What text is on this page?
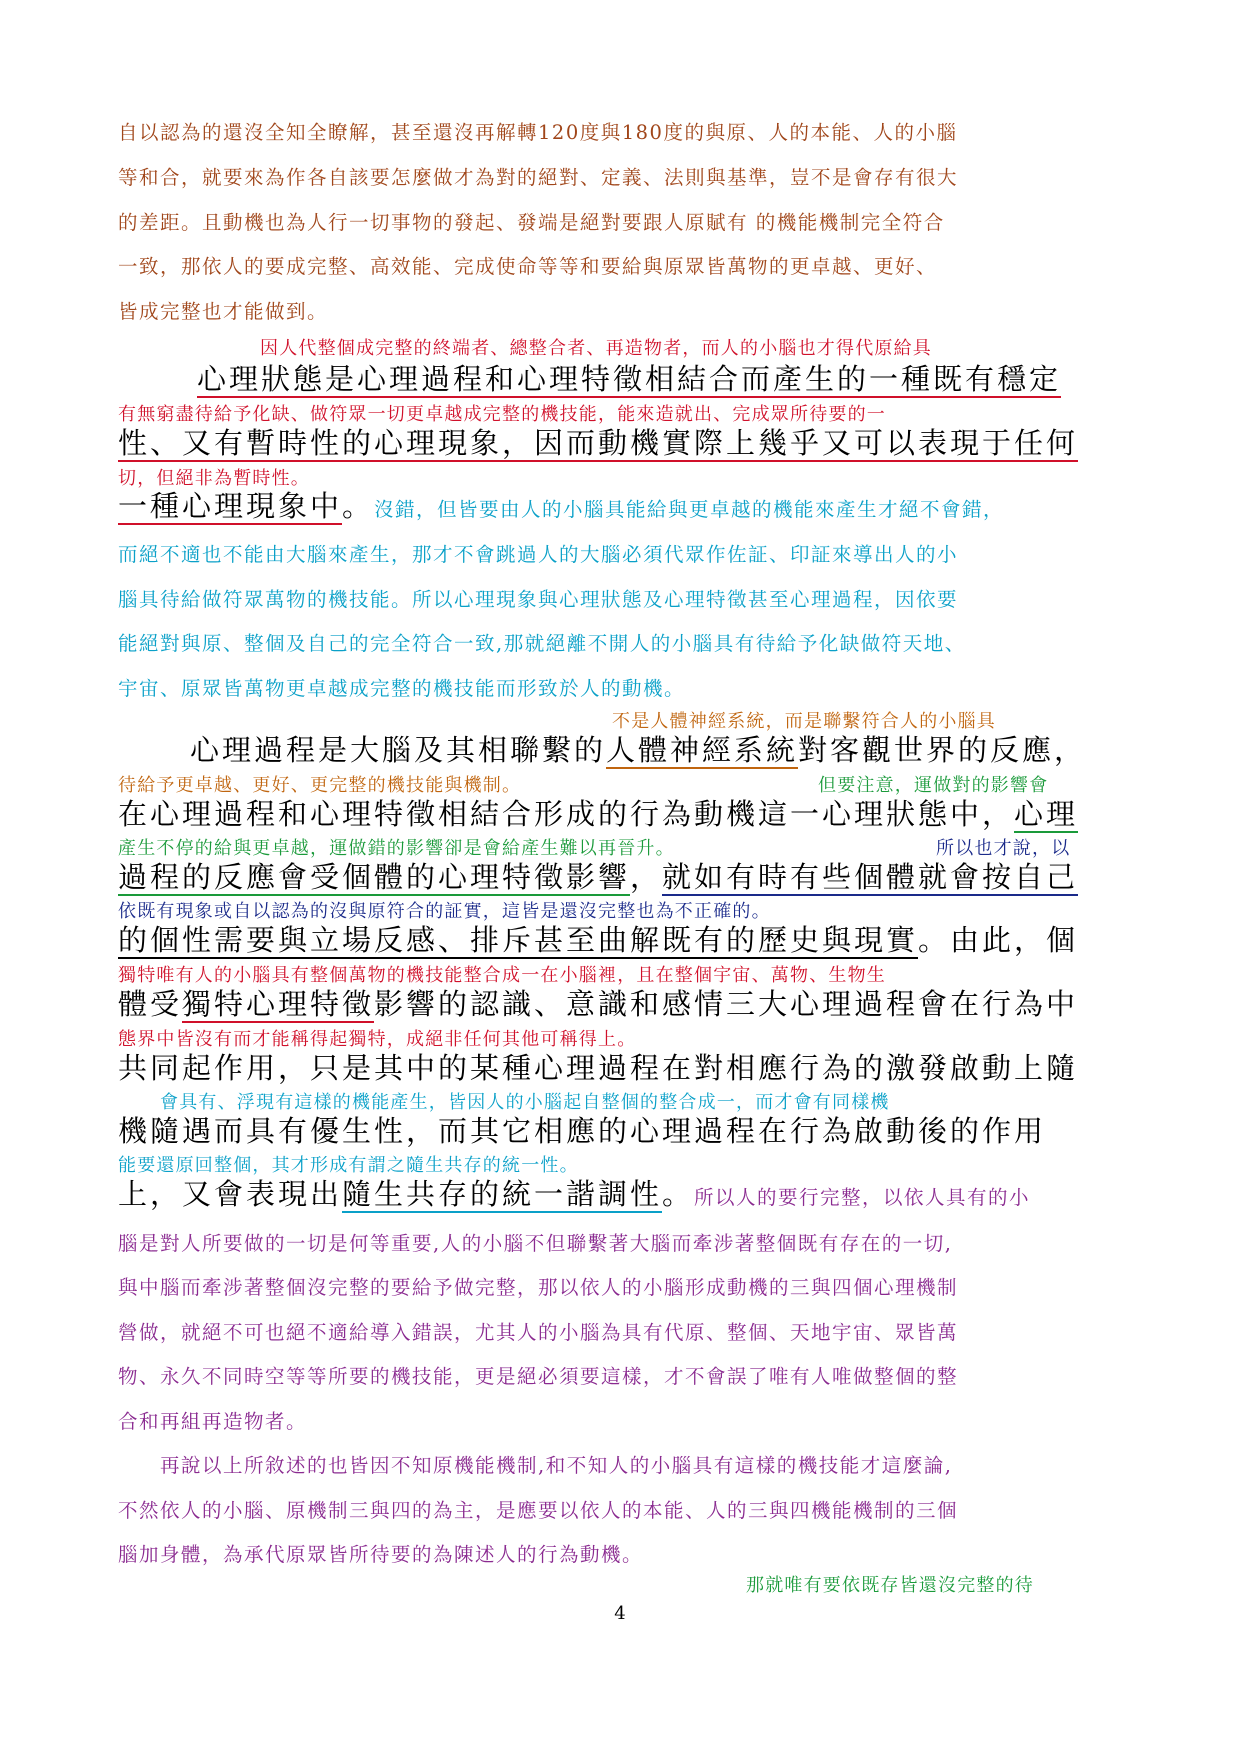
自以認為的還沒全知全瞭解，甚至還沒再解轉120度與180度的與原、人的本能、人的小腦
等和合，就要來為作各自該要怎麼做才為對的絕對、定義、法則與基準，豈不是會存有很大
的差距。且動機也為人行一切事物的發起、發端是絕對要跟人原賦有 的機能機制完全符合
一致，那依人的要成完整、高效能、完成使命等等和要給與原眾皆萬物的更卓越、更好、
皆成完整也才能做到。
因人代整個成完整的終端者、總整合者、再造物者，而人的小腦也才得代原給具
心理狀態是心理過程和心理特徵相結合而產生的一種既有穩定
有無窮盡待給予化缺、做符眾一切更卓越成完整的機技能，能來造就出、完成眾所待要的一
性、又有暫時性的心理現象，因而動機實際上幾乎又可以表現于任何
切，但絕非為暫時性。
一種心理現象中。沒錯，但皆要由人的小腦具能給與更卓越的機能來產生才絕不會錯，
而絕不適也不能由大腦來產生，那才不會跳過人的大腦必須代眾作佐証、印証來導出人的小
腦具待給做符眾萬物的機技能。所以心理現象與心理狀態及心理特徵甚至心理過程，因依要
能絕對與原、整個及自己的完全符合一致,那就絕離不開人的小腦具有待給予化缺做符天地、
宇宙、原眾皆萬物更卓越成完整的機技能而形致於人的動機。
不是人體神經系統，而是聯繫符合人的小腦具
心理過程是大腦及其相聯繫的人體神經系統對客觀世界的反應，
待給予更卓越、更好、更完整的機技能與機制。	但要注意，運做對的影響會
在心理過程和心理特徵相結合形成的行為動機這一心理狀態中，心理
產生不停的給與更卓越，運做錯的影響卻是會給產生難以再晉升。	所以也才說，以
過程的反應會受個體的心理特徵影響，就如有時有些個體就會按自己
依既有現象或自以認為的沒與原符合的証實，這皆是還沒完整也為不正確的。
的個性需要與立場反感、排斥甚至曲解既有的歷史與現實。由此，個
獨特唯有人的小腦具有整個萬物的機技能整合成一在小腦裡，且在整個宇宙、萬物、生物生
體受獨特心理特徵影響的認識、意識和感情三大心理過程會在行為中
態界中皆沒有而才能稱得起獨特，成絕非任何其他可稱得上。
共同起作用，只是其中的某種心理過程在對相應行為的激發啟動上隨
會具有、浮現有這樣的機能產生，皆因人的小腦起自整個的整合成一，而才會有同樣機
機隨遇而具有優生性，而其它相應的心理過程在行為啟動後的作用
能要還原回整個，其才形成有謂之隨生共存的統一性。
上，又會表現出隨生共存的統一諧調性。所以人的要行完整，以依人具有的小
腦是對人所要做的一切是何等重要,人的小腦不但聯繫著大腦而牽涉著整個既有存在的一切,
與中腦而牽涉著整個沒完整的要給予做完整，那以依人的小腦形成動機的三與四個心理機制
營做，就絕不可也絕不適給導入錯誤，尤其人的小腦為具有代原、整個、天地宇宙、眾皆萬
物、永久不同時空等等所要的機技能，更是絕必須要這樣，才不會誤了唯有人唯做整個的整
合和再組再造物者。
再說以上所敘述的也皆因不知原機能機制,和不知人的小腦具有這樣的機技能才這麼論,
不然依人的小腦、原機制三與四的為主，是應要以依人的本能、人的三與四機能機制的三個
腦加身體，為承代原眾皆所待要的為陳述人的行為動機。
那就唯有要依既存皆還沒完整的待
4
